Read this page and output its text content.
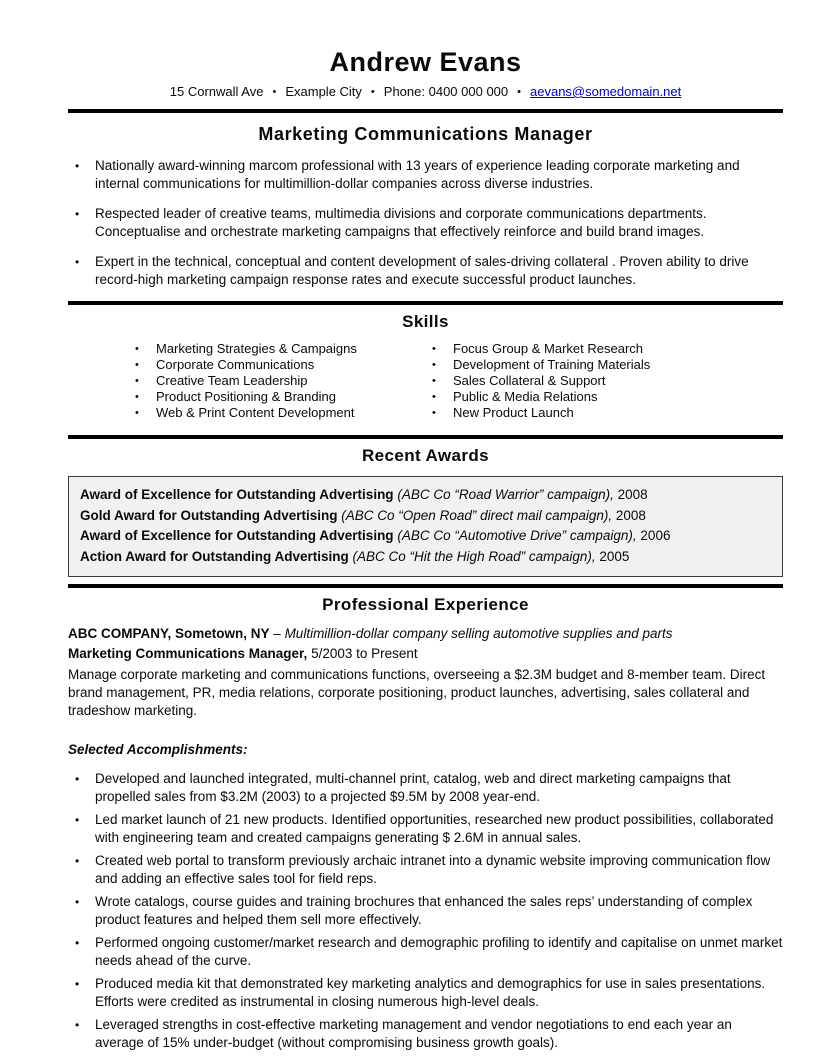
Andrew Evans
15 Cornwall Ave • Example City • Phone: 0400 000 000 • aevans@somedomain.net
Marketing Communications Manager
•	Nationally award-winning marcom professional with 13 years of experience leading corporate marketing and internal communications for multimillion-dollar companies across diverse industries.
•	Respected leader of creative teams, multimedia divisions and corporate communications departments. Conceptualise and orchestrate marketing campaigns that effectively reinforce and build brand images.
•	Expert in the technical, conceptual and content development of sales-driving collateral . Proven ability to drive record-high marketing campaign response rates and execute successful product launches.
Skills
•	Marketing Strategies & Campaigns
•	Corporate Communications
•	Creative Team Leadership
•	Product Positioning & Branding
•	Web & Print Content Development
•	Focus Group & Market Research
•	Development of Training Materials
•	Sales Collateral & Support
•	Public & Media Relations
•	New Product Launch
Recent Awards
Award of Excellence for Outstanding Advertising (ABC Co “Road Warrior” campaign), 2008
Gold Award for Outstanding Advertising (ABC Co “Open Road” direct mail campaign), 2008
Award of Excellence for Outstanding Advertising (ABC Co “Automotive Drive” campaign), 2006
Action Award for Outstanding Advertising (ABC Co “Hit the High Road” campaign), 2005
Professional Experience

ABC COMPANY, Sometown, NY – Multimillion-dollar company selling automotive supplies and parts

Marketing Communications Manager, 5/2003 to Present

Manage corporate marketing and communications functions, overseeing a $2.3M budget and 8-member team. Direct brand management, PR, media relations, corporate positioning, product launches, advertising, sales collateral and tradeshow marketing.

Selected Accomplishments:

•	Developed and launched integrated, multi-channel print, catalog, web and direct marketing campaigns that propelled sales from $3.2M (2003) to a projected $9.5M by 2008 year-end.
•	Led market launch of 21 new products. Identified opportunities, researched new product possibilities, collaborated with engineering team and created campaigns generating $ 2.6M in annual sales.
•	Created web portal to transform previously archaic intranet into a dynamic website improving communication flow and adding an effective sales tool for field reps.
•	Wrote catalogs, course guides and training brochures that enhanced the sales reps’ understanding of complex product features and helped them sell more effectively.
•	Performed ongoing customer/market research and demographic profiling to identify and capitalise on unmet market needs ahead of the curve.
•	Produced media kit that demonstrated key marketing analytics and demographics for use in sales presentations. Efforts were credited as instrumental in closing numerous high-level deals.
•	Leveraged strengths in cost-effective marketing management and vendor negotiations to end each year an average of 15% under-budget (without compromising business growth goals).
